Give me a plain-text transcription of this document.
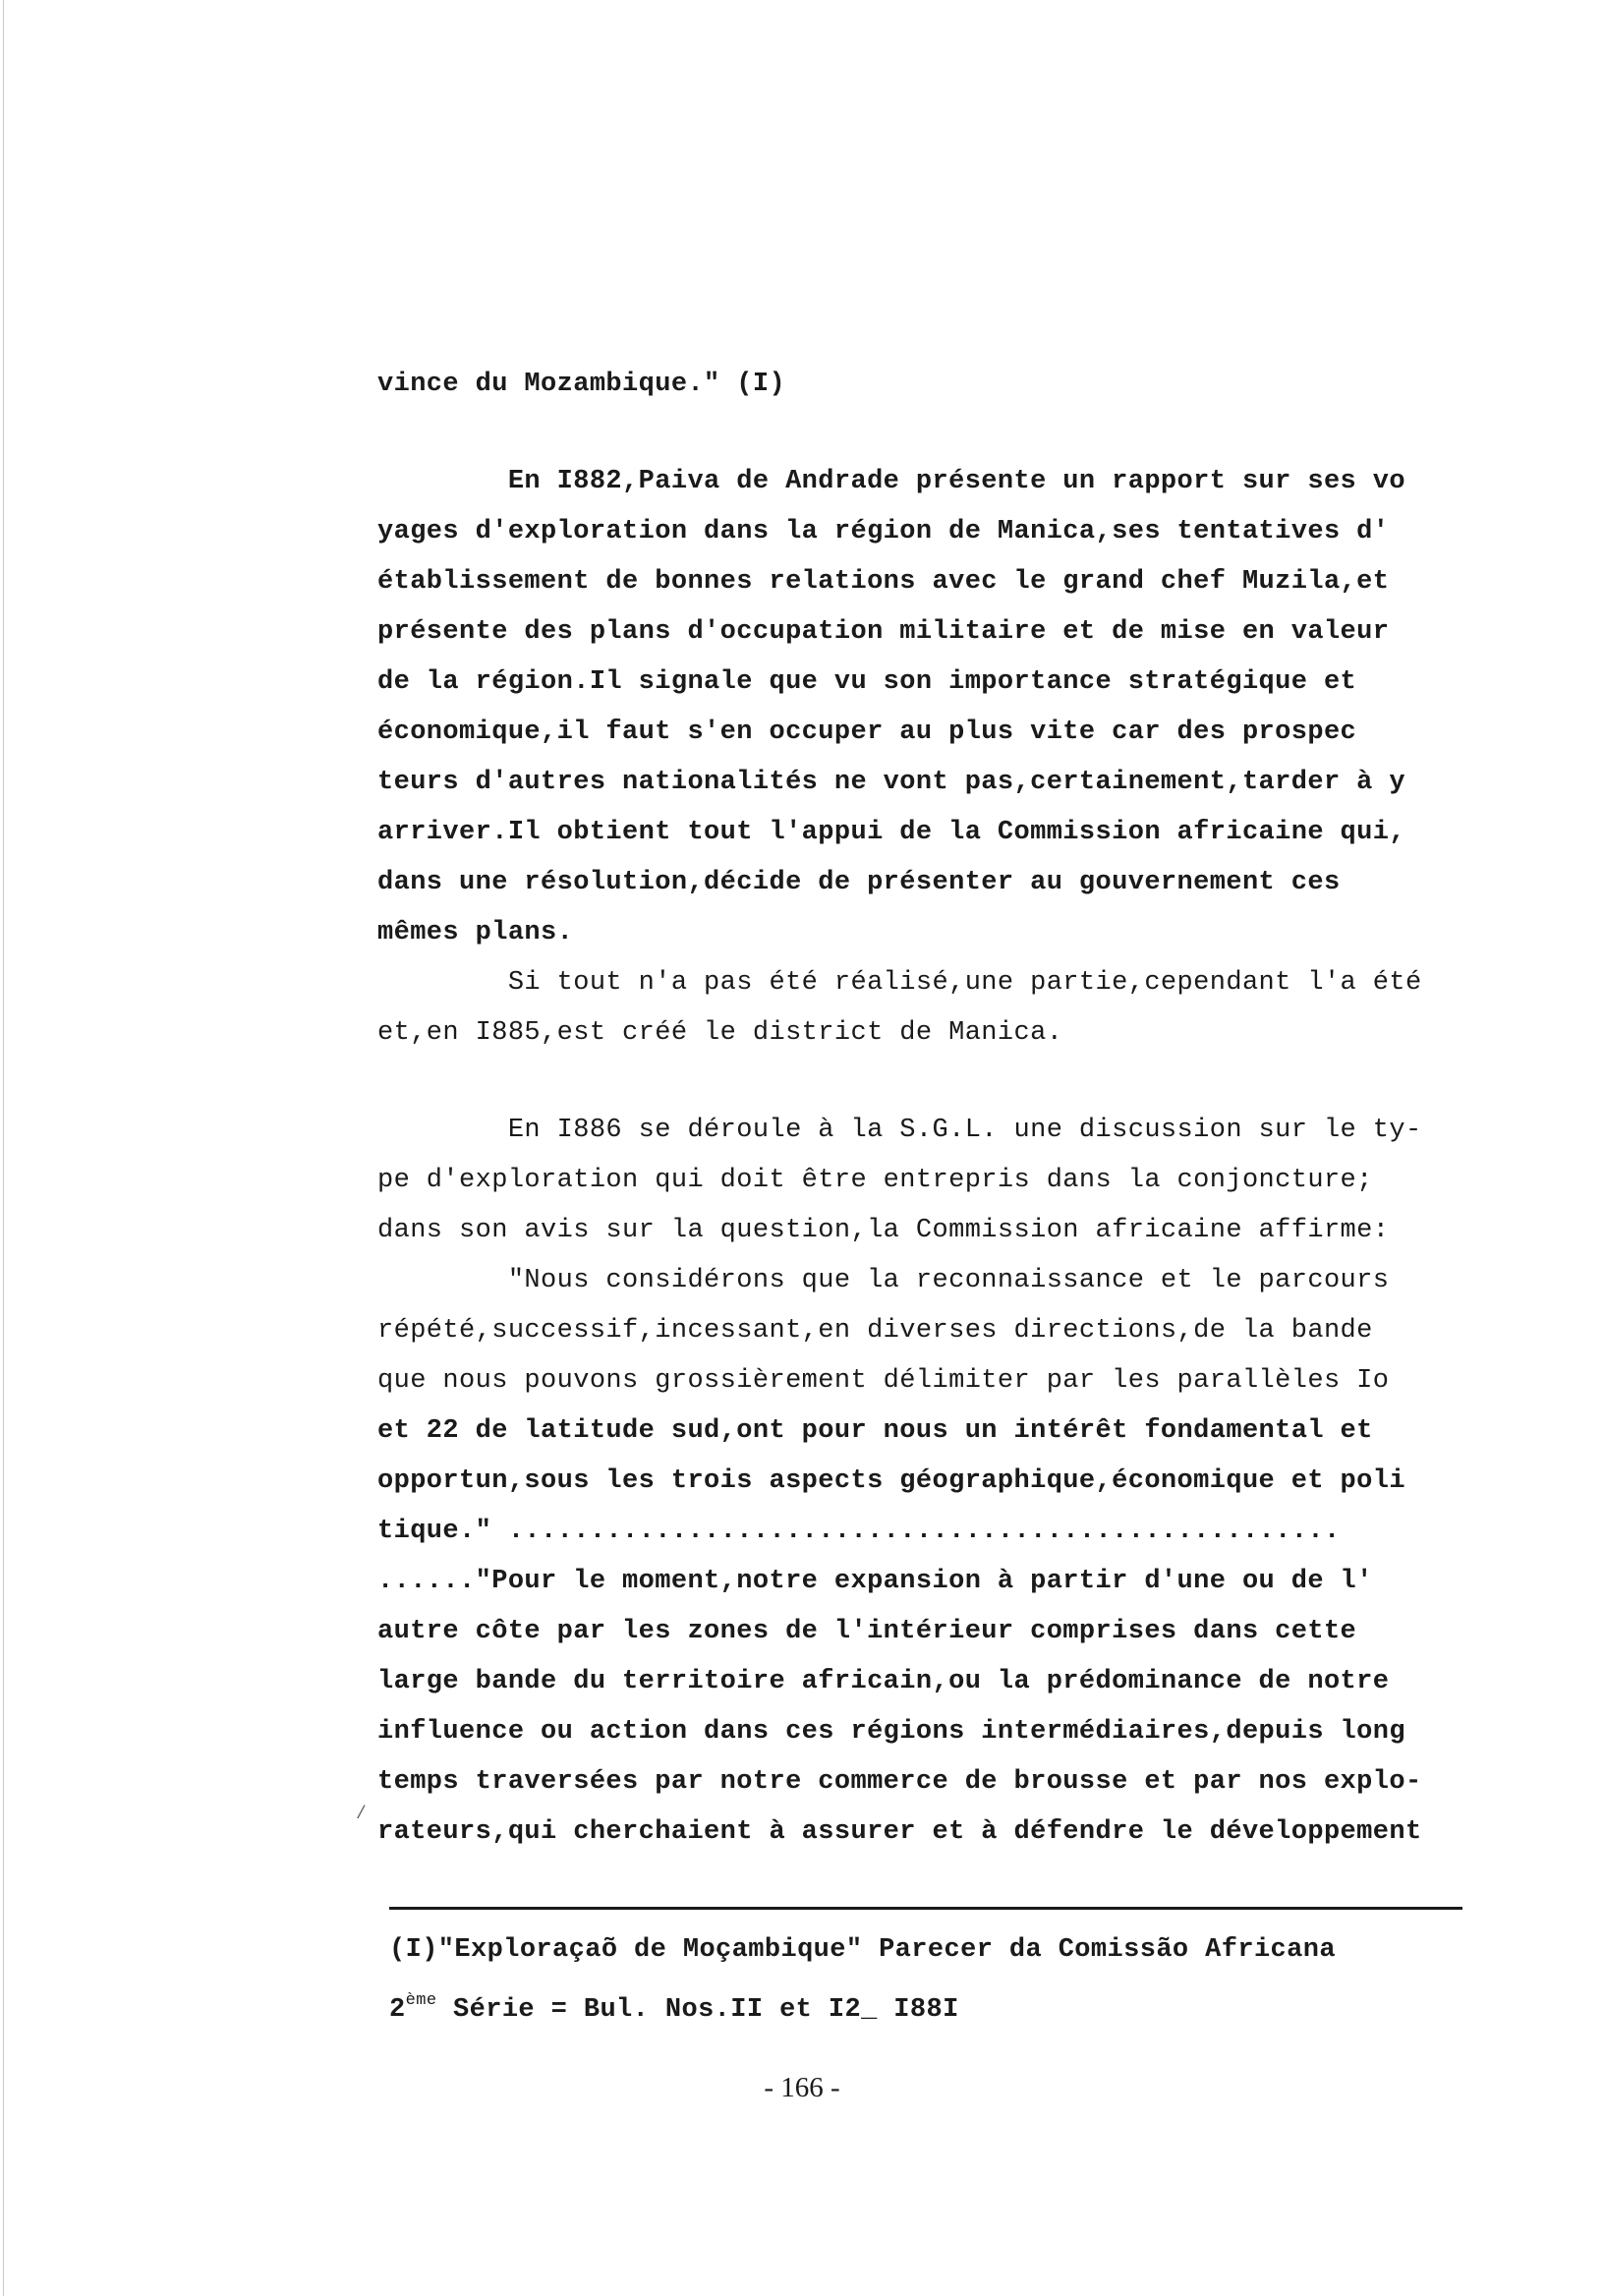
vince du Mozambique." (I)
En I882,Paiva de Andrade présente un rapport sur ses vo
yages d'exploration dans la région de Manica,ses tentatives d'
établissement de bonnes relations avec le grand chef Muzila,et
présente des plans d'occupation militaire et de mise en valeur
de la région.Il signale que vu son importance stratégique et
économique,il faut s'en occuper au plus vite car des prospec
teurs d'autres nationalités ne vont pas,certainement,tarder à y
arriver.Il obtient tout l'appui de la Commission africaine qui,
dans une résolution,décide de présenter au gouvernement ces
mêmes plans.
Si tout n'a pas été réalisé,une partie,cependant l'a été
et,en I885,est créé le district de Manica.
En I886 se déroule à la S.G.L. une discussion sur le ty-
pe d'exploration qui doit être entrepris dans la conjoncture;
dans son avis sur la question,la Commission africaine affirme:
"Nous considérons que la reconnaissance et le parcours
répété,successif,incessant,en diverses directions,de la bande
que nous pouvons grossièrement délimiter par les parallèles Io
et 22 de latitude sud,ont pour nous un intérêt fondamental et
opportun,sous les trois aspects géographique,économique et poli
tique." ...................................................
......"Pour le moment,notre expansion à partir d'une ou de l'
autre côte par les zones de l'intérieur comprises dans cette
large bande du territoire africain,ou la prédominance de notre
influence ou action dans ces régions intermédiaires,depuis long
temps traversées par notre commerce de brousse et par nos explo-
rateurs,qui cherchaient à assurer et à défendre le développement
/
(I)"Exploraçaõ de Moçambique" Parecer da Comissão Africana
2ème Série = Bul. Nos.II et I2_ I88I
- 166 -
